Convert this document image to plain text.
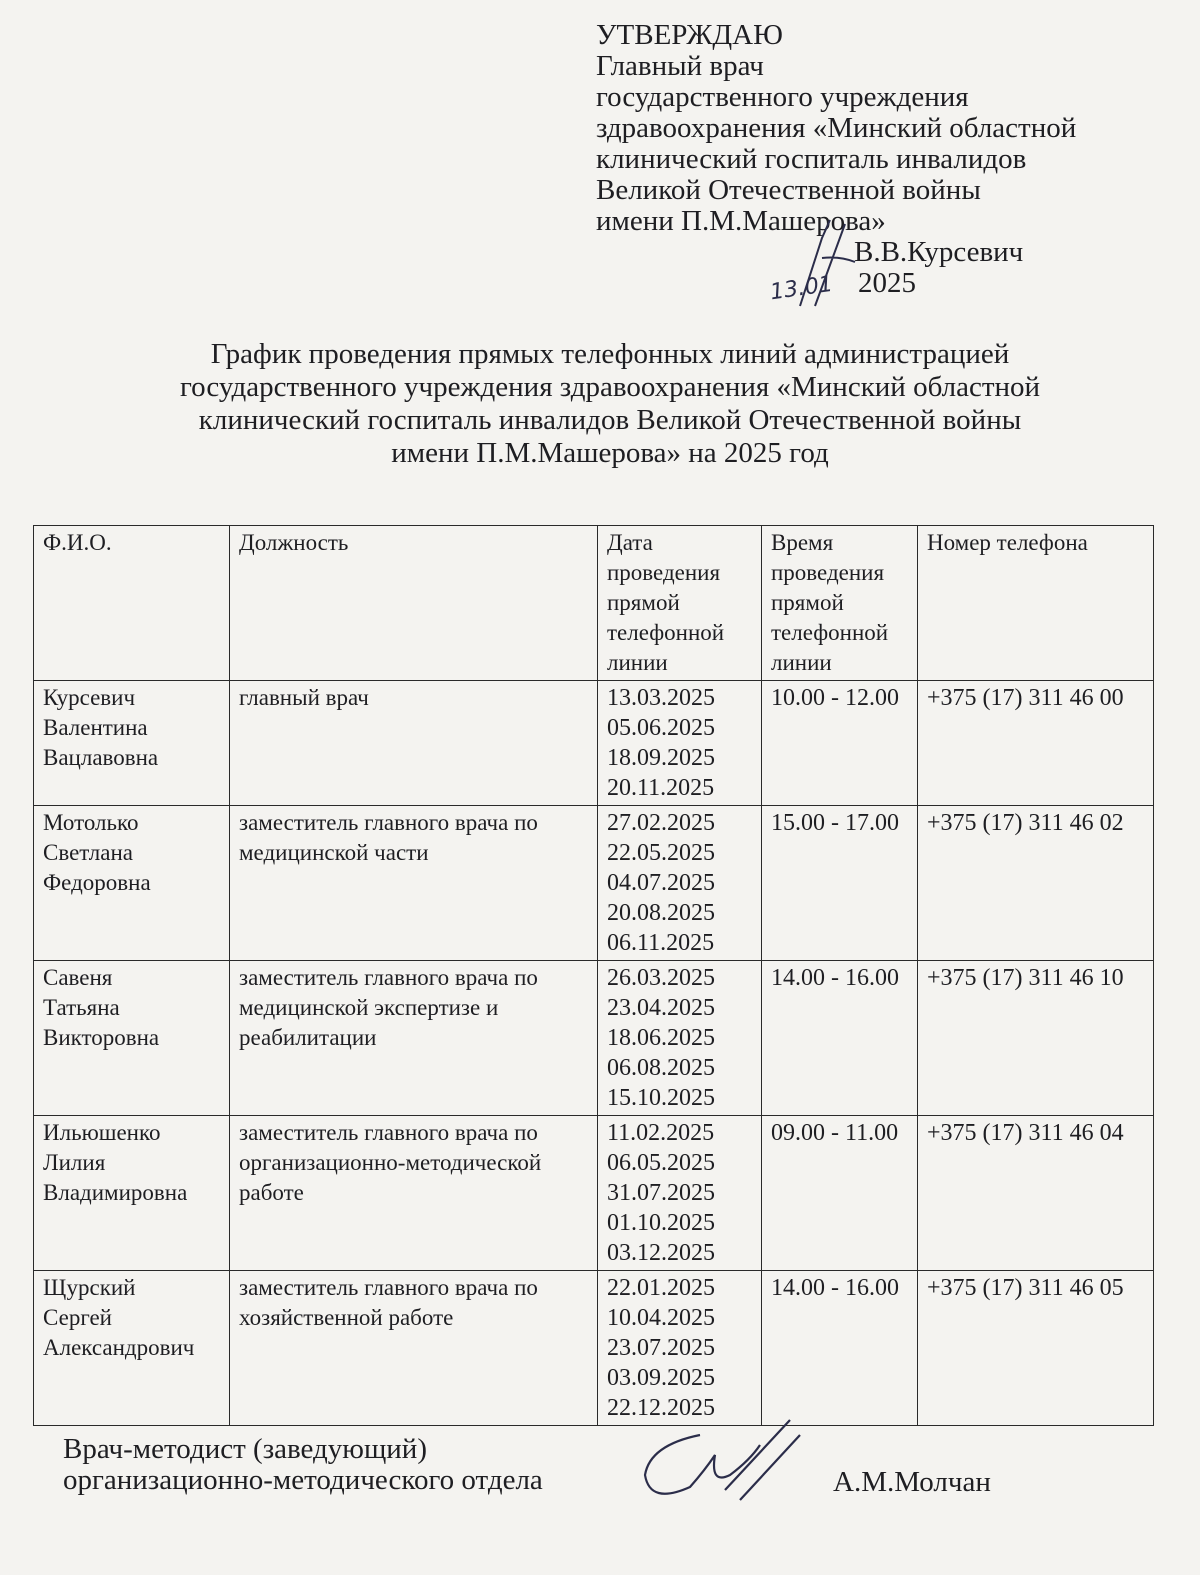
УТВЕРЖДАЮ
Главный врач
государственного учреждения
здравоохранения «Минский областной
клинический госпиталь инвалидов
Великой Отечественной войны
имени П.М.Машерова»
В.В.Курсевич
2025
13.01
График проведения прямых телефонных линий администрацией
государственного учреждения здравоохранения «Минский областной
клинический госпиталь инвалидов Великой Отечественной войны
имени П.М.Машерова» на 2025 год
Ф.И.О.	Должность	Дата
проведения
прямой
телефонной
линии	Время
проведения
прямой
телефонной
линии	Номер телефона

Курсевич
Валентина
Вацлавовна	главный врач	13.03.2025
05.06.2025
18.09.2025
20.11.2025	10.00 - 12.00	+375 (17) 311 46 00

Мотолько
Светлана
Федоровна	заместитель главного врача по
медицинской части	27.02.2025
22.05.2025
04.07.2025
20.08.2025
06.11.2025	15.00 - 17.00	+375 (17) 311 46 02

Савеня
Татьяна
Викторовна	заместитель главного врача по
медицинской экспертизе и
реабилитации	26.03.2025
23.04.2025
18.06.2025
06.08.2025
15.10.2025	14.00 - 16.00	+375 (17) 311 46 10

Ильюшенко
Лилия
Владимировна	заместитель главного врача по
организационно-методической
работе	11.02.2025
06.05.2025
31.07.2025
01.10.2025
03.12.2025	09.00 - 11.00	+375 (17) 311 46 04

Щурский
Сергей
Александрович	заместитель главного врача по
хозяйственной работе	22.01.2025
10.04.2025
23.07.2025
03.09.2025
22.12.2025	14.00 - 16.00	+375 (17) 311 46 05
Врач-методист (заведующий)
организационно-методического отдела	А.М.Молчан
